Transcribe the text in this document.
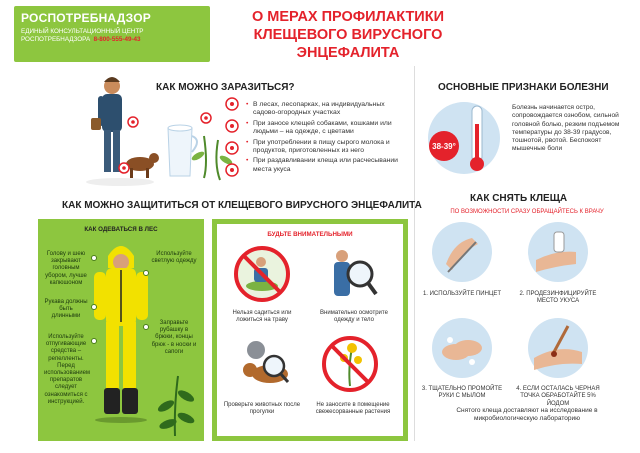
РОСПОТРЕБНАДЗОР
ЕДИНЫЙ КОНСУЛЬТАЦИОННЫЙ ЦЕНТР
РОСПОТРЕБНАДЗОРА 8-800-555-49-43
О МЕРАХ ПРОФИЛАКТИКИ
КЛЕЩЕВОГО ВИРУСНОГО ЭНЦЕФАЛИТА
КАК МОЖНО ЗАРАЗИТЬСЯ?
• В лесах, лесопарках, на индивидуальных садово-огородных участках
• При заносе клещей собаками, кошками или людьми – на одежде, с цветами
• При употреблении в пищу сырого молока и продуктов, приготовленных из него
• При раздавливании клеща или расчесывании места укуса
ОСНОВНЫЕ ПРИЗНАКИ БОЛЕЗНИ
38-39°
Болезнь начинается остро, сопровождается ознобом, сильной головной болью, резким подъемом температуры до 38-39 градусов, тошнотой, рвотой. Беспокоят мышечные боли
КАК МОЖНО ЗАЩИТИТЬСЯ ОТ КЛЕЩЕВОГО ВИРУСНОГО ЭНЦЕФАЛИТА
КАК ОДЕВАТЬСЯ В ЛЕС
Голову и шею закрывают головным убором, лучше капюшоном
Используйте светлую одежду
Рукава должны быть длинными
Заправьте рубашку в брюки, концы брюк - в носки и сапоги
Используйте отпугивающие средства – репелленты. Перед использованием препаратов следует ознакомиться с инструкцией.
БУДЬТЕ ВНИМАТЕЛЬНЫМИ
Нельзя садиться или ложиться на траву
Внимательно осмотрите одежду и тело
Проверьте животных после прогулки
Не заносите в помещение свежесорванные растения
КАК СНЯТЬ КЛЕЩА
ПО ВОЗМОЖНОСТИ СРАЗУ ОБРАЩАЙТЕСЬ К ВРАЧУ
1. ИСПОЛЬЗУЙТЕ ПИНЦЕТ	2. ПРОДЕЗИНФИЦИРУЙТЕ МЕСТО УКУСА
3. ТЩАТЕЛЬНО ПРОМОЙТЕ РУКИ С МЫЛОМ
4. ЕСЛИ ОСТАЛАСЬ ЧЕРНАЯ ТОЧКА ОБРАБОТАЙТЕ 5% ЙОДОМ
Снятого клеща доставляют на исследование в микробиологическую лабораторию
